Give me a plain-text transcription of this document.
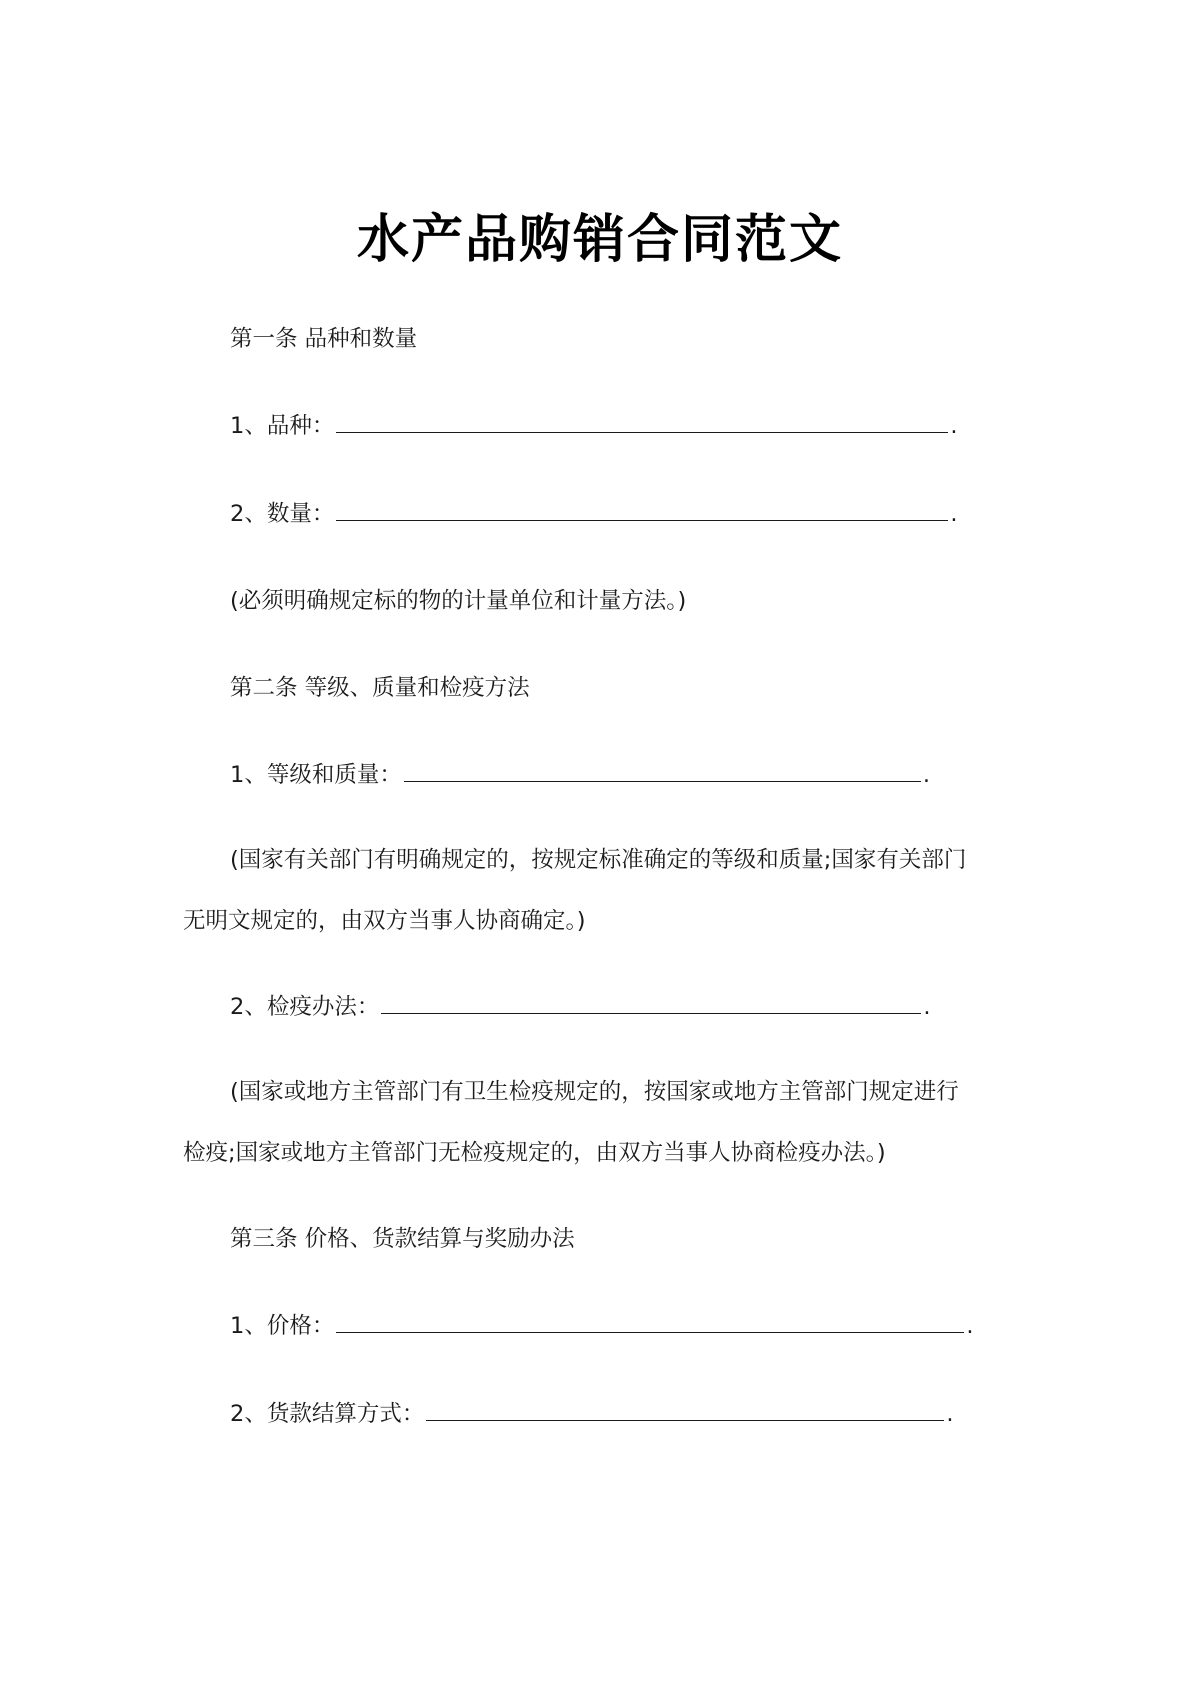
水产品购销合同范文
第一条 品种和数量
1、品种：	.
2、数量：	.
(必须明确规定标的物的计量单位和计量方法。)
第二条 等级、质量和检疫方法
1、等级和质量：	.
(国家有关部门有明确规定的，按规定标准确定的等级和质量;国家有关部门
无明文规定的，由双方当事人协商确定。)
2、检疫办法：	.
(国家或地方主管部门有卫生检疫规定的，按国家或地方主管部门规定进行
检疫;国家或地方主管部门无检疫规定的，由双方当事人协商检疫办法。)
第三条 价格、货款结算与奖励办法
1、价格：	.
2、货款结算方式：	.
